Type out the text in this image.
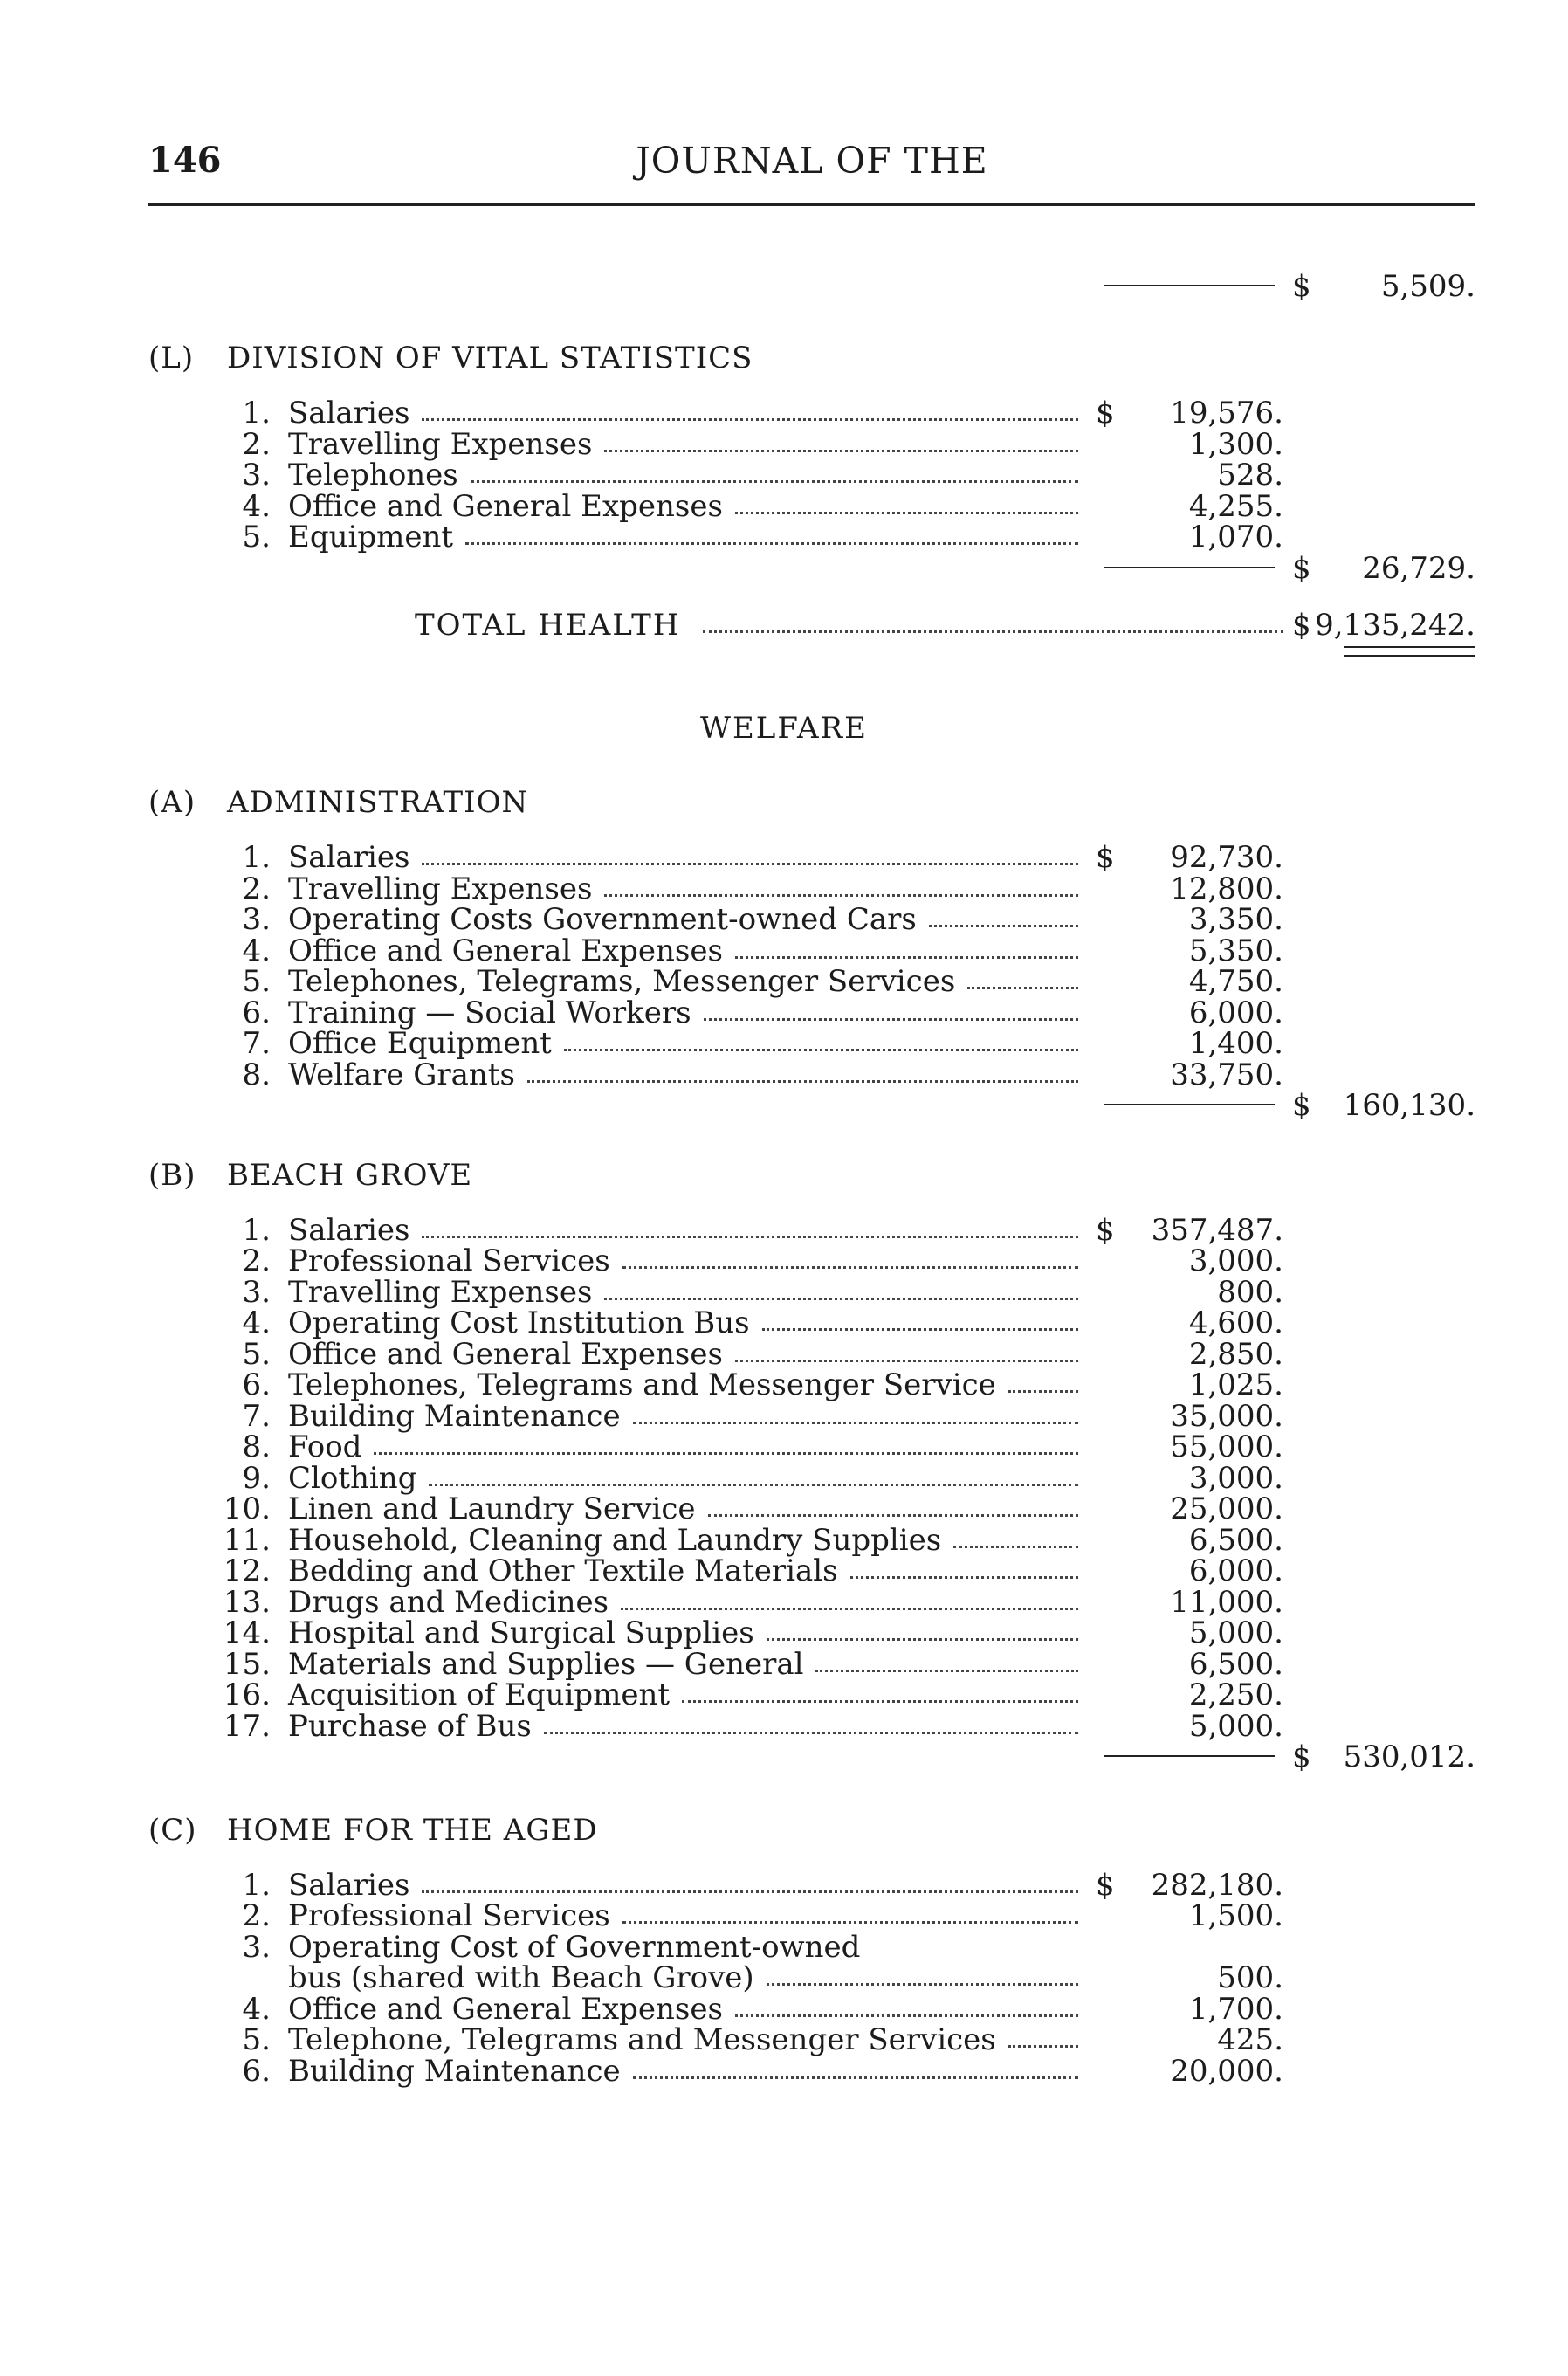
146	JOURNAL OF THE
$	5,509.
(L) DIVISION OF VITAL STATISTICS
1. Salaries	$	19,576.
2. Travelling Expenses	1,300.
3. Telephones	528.
4. Office and General Expenses	4,255.
5. Equipment	1,070.
$	26,729.
TOTAL HEALTH	$ 9,135,242.
WELFARE
(A) ADMINISTRATION
1. Salaries	$	92,730.
2. Travelling Expenses	12,800.
3. Operating Costs Government-owned Cars	3,350.
4. Office and General Expenses	5,350.
5. Telephones, Telegrams, Messenger Services	4,750.
6. Training — Social Workers	6,000.
7. Office Equipment	1,400.
8. Welfare Grants	33,750.
$	160,130.
(B) BEACH GROVE
1. Salaries	$	357,487.
2. Professional Services	3,000.
3. Travelling Expenses	800.
4. Operating Cost Institution Bus	4,600.
5. Office and General Expenses	2,850.
6. Telephones, Telegrams and Messenger Service	1,025.
7. Building Maintenance	35,000.
8. Food	55,000.
9. Clothing	3,000.
10. Linen and Laundry Service	25,000.
11. Household, Cleaning and Laundry Supplies	6,500.
12. Bedding and Other Textile Materials	6,000.
13. Drugs and Medicines	11,000.
14. Hospital and Surgical Supplies	5,000.
15. Materials and Supplies — General	6,500.
16. Acquisition of Equipment	2,250.
17. Purchase of Bus	5,000.
$	530,012.
(C) HOME FOR THE AGED
1. Salaries	$	282,180.
2. Professional Services	1,500.
3. Operating Cost of Government-owned
bus (shared with Beach Grove)	500.
4. Office and General Expenses	1,700.
5. Telephone, Telegrams and Messenger Services	425.
6. Building Maintenance	20,000.
